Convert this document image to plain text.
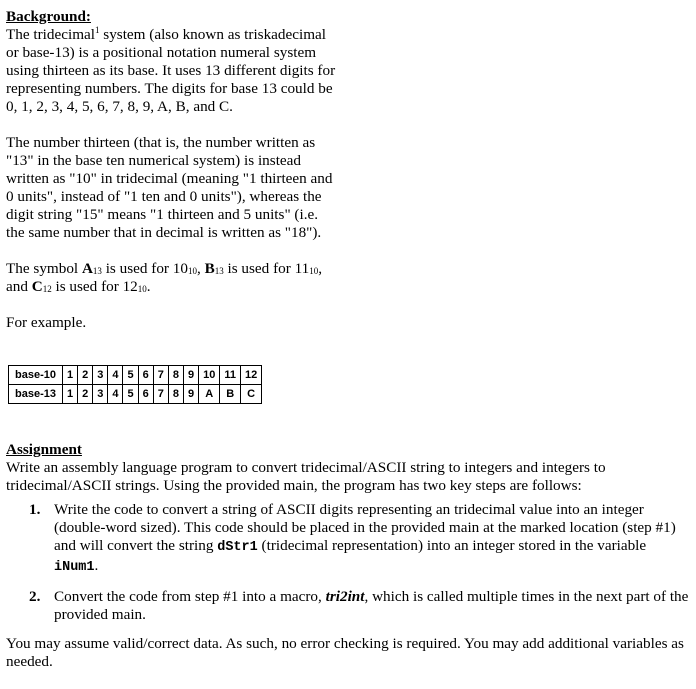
Background:

The tridecimal$^1$ system (also known as triskadecimal or base-13) is a positional notation numeral system using thirteen as its base. It uses 13 different digits for representing numbers. The digits for base 13 could be 0, 1, 2, 3, 4, 5, 6, 7, 8, 9, A, B, and C.

The number thirteen (that is, the number written as "13" in the base ten numerical system) is instead written as "10" in tridecimal (meaning "1 thirteen and 0 units", instead of "1 ten and 0 units"), whereas the digit string "15" means "1 thirteen and 5 units" (i.e. the same number that in decimal is written as "18").

The symbol $A_{13}$ is used for $10_{10}$, $B_{13}$ is used for $11_{10}$, and $C_{12}$ is used for $12_{10}$.

For example.

base-10	1	2	3	4	5	6	7	8	9	10	11	12
base-13	1	2	3	4	5	6	7	8	9	A	B	C
Assignment

Write an assembly language program to convert tridecimal/ASCII string to integers and integers to tridecimal/ASCII strings. Using the provided main, the program has two key steps are follows:

1. Write the code to convert a string of ASCII digits representing an tridecimal value into an integer (double-word sized). This code should be placed in the provided main at the marked location (step #1) and will convert the string dStr1 (tridecimal representation) into an integer stored in the variable iNum1.
2. Convert the code from step #1 into a macro, tri2int, which is called multiple times in the next part of the provided main.

You may assume valid/correct data. As such, no error checking is required. You may add additional variables as needed.
